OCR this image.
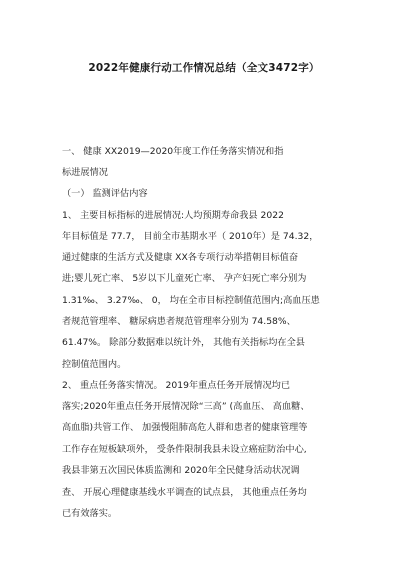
2022年健康行动工作情况总结（全文3472字）
一、 健康 XX2019—2020年度工作任务落实情况和指
标进展情况
（一） 监测评估内容
1、 主要目标指标的进展情况:人均预期寿命我县 2022
年目标值是 77.7， 目前全市基期水平（ 2010年）是 74.32，
通过健康的生活方式及健康 XX各专项行动举措朝目标值奋
进;婴儿死亡率、 5岁以下儿童死亡率、 孕产妇死亡率分别为
1.31‰、 3.27‰、 0， 均在全市目标控制值范围内;高血压患
者规范管理率、 糖尿病患者规范管理率分别为 74.58%、
61.47%。 除部分数据难以统计外， 其他有关指标均在全县
控制值范围内。
2、 重点任务落实情况。 2019年重点任务开展情况均已
落实;2020年重点任务开展情况除“三高” (高血压、 高血糖、
高血脂)共管工作、 加强慢阻肺高危人群和患者的健康管理等
工作存在短板缺项外， 受条件限制我县未设立癌症防治中心,
我县非第五次国民体质监测和 2020年全民健身活动状况调
查、 开展心理健康基线水平调查的试点县， 其他重点任务均
已有效落实。
